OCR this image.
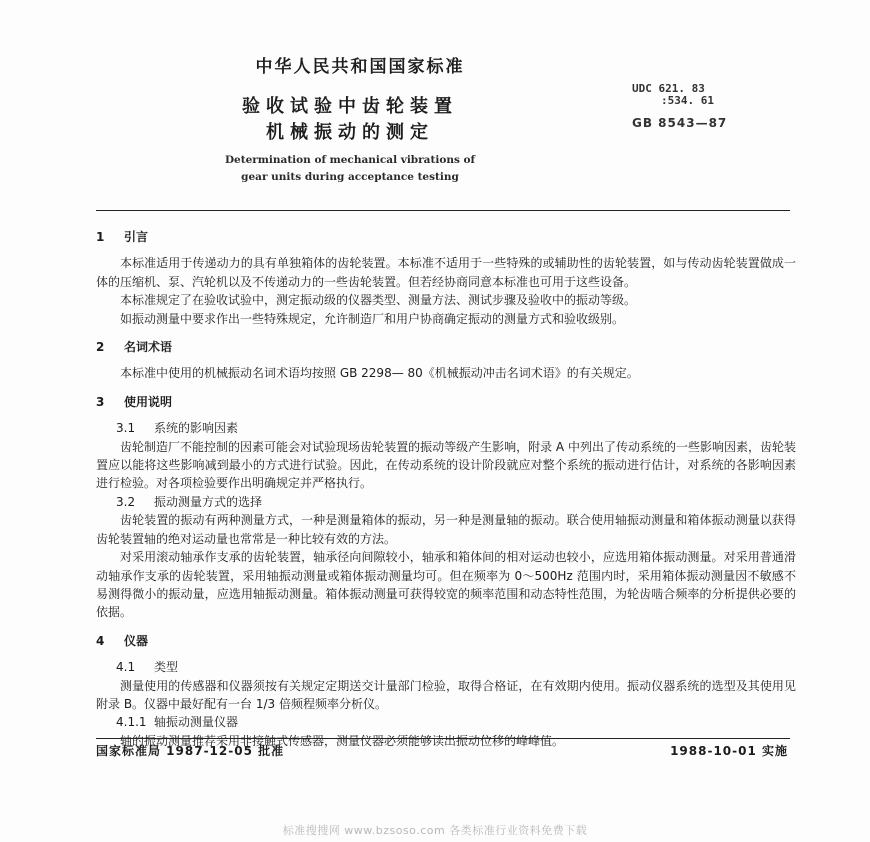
中华人民共和国国家标准
UDC 621. 83
:534. 61
GB 8543—87
验收试验中齿轮装置
机械振动的测定
Determination of mechanical vibrations of
gear units during acceptance testing
1 引言

本标准适用于传递动力的具有单独箱体的齿轮装置。本标准不适用于一些特殊的或辅助性的齿轮装置，如与传动齿轮装置做成一体的压缩机、泵、汽轮机以及不传递动力的一些齿轮装置。但若经协商同意本标准也可用于这些设备。

本标准规定了在验收试验中，测定振动级的仪器类型、测量方法、测试步骤及验收中的振动等级。

如振动测量中要求作出一些特殊规定，允许制造厂和用户协商确定振动的测量方式和验收级别。

2 名词术语

本标准中使用的机械振动名词术语均按照 GB 2298— 80《机械振动冲击名词术语》的有关规定。

3 使用说明
3.1 系统的影响因素

齿轮制造厂不能控制的因素可能会对试验现场齿轮装置的振动等级产生影响，附录 A 中列出了传动系统的一些影响因素，齿轮装置应以能将这些影响减到最小的方式进行试验。因此，在传动系统的设计阶段就应对整个系统的振动进行估计，对系统的各影响因素进行检验。对各项检验要作出明确规定并严格执行。

3.2 振动测量方式的选择

齿轮装置的振动有两种测量方式，一种是测量箱体的振动，另一种是测量轴的振动。联合使用轴振动测量和箱体振动测量以获得齿轮装置轴的绝对运动量也常常是一种比较有效的方法。

对采用滚动轴承作支承的齿轮装置，轴承径向间隙较小，轴承和箱体间的相对运动也较小，应选用箱体振动测量。对采用普通滑动轴承作支承的齿轮装置，采用轴振动测量或箱体振动测量均可。但在频率为 0～500Hz 范围内时，采用箱体振动测量因不敏感不易测得微小的振动量，应选用轴振动测量。箱体振动测量可获得较宽的频率范围和动态特性范围，为轮齿啮合频率的分析提供必要的依据。

4 仪器
4.1 类型

测量使用的传感器和仪器须按有关规定定期送交计量部门检验，取得合格证，在有效期内使用。振动仪器系统的选型及其使用见附录 B。仪器中最好配有一台 1/3 倍频程频率分析仪。

4.1.1 轴振动测量仪器

轴的振动测量推荐采用非接触式传感器，测量仪器必须能够读出振动位移的峰峰值。

国家标准局 1987-12-05 批准	1988-10-01 实施
标准搜搜网 www.bzsoso.com 各类标准行业资料免费下载
